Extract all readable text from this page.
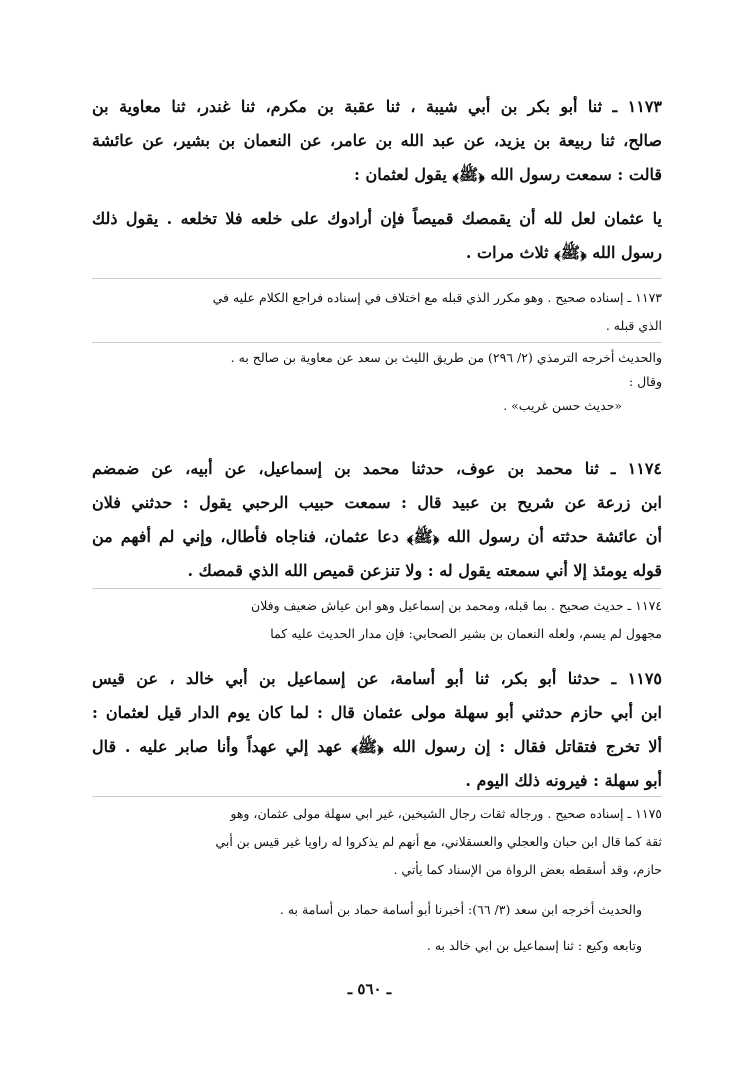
١١٧٣ ـ ثنا أبو بكر بن أبي شيبة ، ثنا عقبة بن مكرم، ثنا غندر، ثنا معاوية بن
صالح، ثنا ربيعة بن يزيد، عن عبد الله بن عامر، عن النعمان بن بشير، عن عائشة
قالت : سمعت رسول الله ﴿ﷺ﴾ يقول لعثمان :
يا عثمان لعل لله أن يقمصك قميصاً فإن أرادوك على خلعه فلا تخلعه . يقول ذلك
رسول الله ﴿ﷺ﴾ ثلاث مرات .
١١٧٣ ـ إسناده صحيح . وهو مكرر الذي قبله مع اختلاف في إسناده فراجع الكلام عليه في
الذي قبله .
والحديث أخرجه الترمذي (٢/ ٢٩٦) من طريق الليث بن سعد عن معاوية بن صالح به .
وقال :
«حديث حسن غريب» .
١١٧٤ ـ ثنا محمد بن عوف، حدثنا محمد بن إسماعيل، عن أبيه، عن ضمضم
ابن زرعة عن شريح بن عبيد قال : سمعت حبيب الرحبي يقول : حدثني فلان
أن عائشة حدثته أن رسول الله ﴿ﷺ﴾ دعا عثمان، فناجاه فأطال، وإني لم أفهم من
قوله يومئذ إلا أني سمعته يقول له : ولا تنزعن قميص الله الذي قمصك .
١١٧٤ ـ حديث صحيح . بما قبله، ومحمد بن إسماعيل وهو ابن عياش ضعيف وفلان
مجهول لم يسم، ولعله النعمان بن بشير الصحابي: فإن مدار الحديث عليه كما
١١٧٥ ـ حدثنا أبو بكر، ثنا أبو أسامة، عن إسماعيل بن أبي خالد ، عن قيس
ابن أبي حازم حدثني أبو سهلة مولى عثمان قال : لما كان يوم الدار قيل لعثمان :
ألا تخرج فتقاتل فقال : إن رسول الله ﴿ﷺ﴾ عهد إلي عهداً وأنا صابر عليه . قال
أبو سهلة : فيرونه ذلك اليوم .
١١٧٥ ـ إسناده صحيح . ورجاله ثقات رجال الشيخين، غير ابي سهلة مولى عثمان، وهو
ثقة كما قال ابن حبان والعجلي والعسقلاني، مع أنهم لم يذكروا له راويا غير قيس بن أبي
حازم، وقد أسقطه بعض الرواة من الإسناد كما يأتي .
والحديث أخرجه ابن سعد (٣/ ٦٦): أخبرنا أبو أسامة حماد بن أسامة به .
وتابعه وكيع : ثنا إسماعيل بن ابي خالد به .
ـ ٥٦٠ ـ
